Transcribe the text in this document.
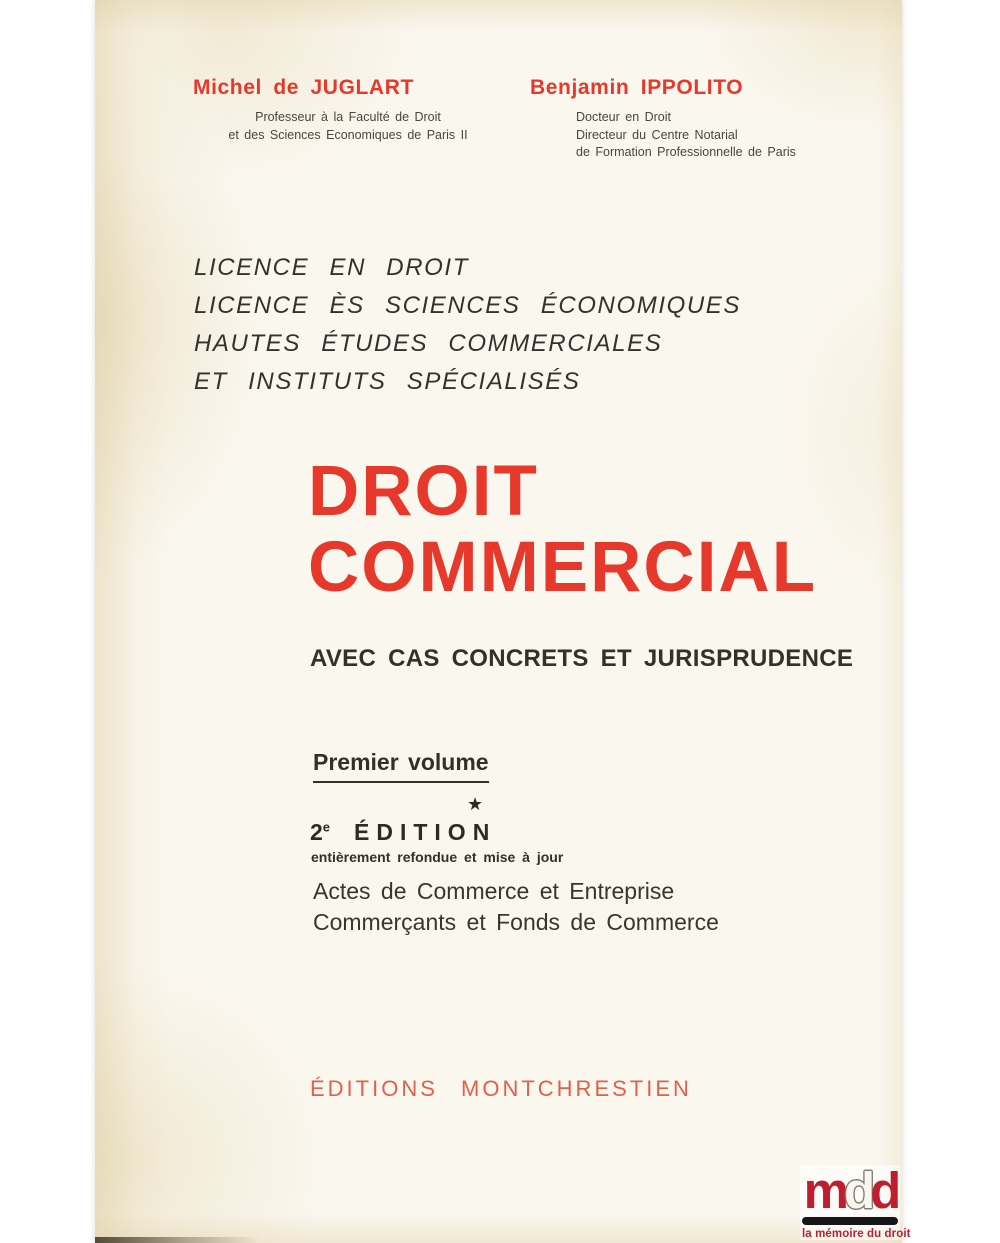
Michel de JUGLART
Professeur à la Faculté de Droit
et des Sciences Economiques de Paris II
Benjamin IPPOLITO
Docteur en Droit
Directeur du Centre Notarial
de Formation Professionnelle de Paris
LICENCE EN DROIT
LICENCE ÈS SCIENCES ÉCONOMIQUES
HAUTES ÉTUDES COMMERCIALES
ET INSTITUTS SPÉCIALISÉS
DROIT
COMMERCIAL
AVEC CAS CONCRETS ET JURISPRUDENCE
Premier volume
★
2e ÉDITION
entièrement refondue et mise à jour
Actes de Commerce et Entreprise
Commerçants et Fonds de Commerce
ÉDITIONS MONTCHRESTIEN
mdd
la mémoire du droit
